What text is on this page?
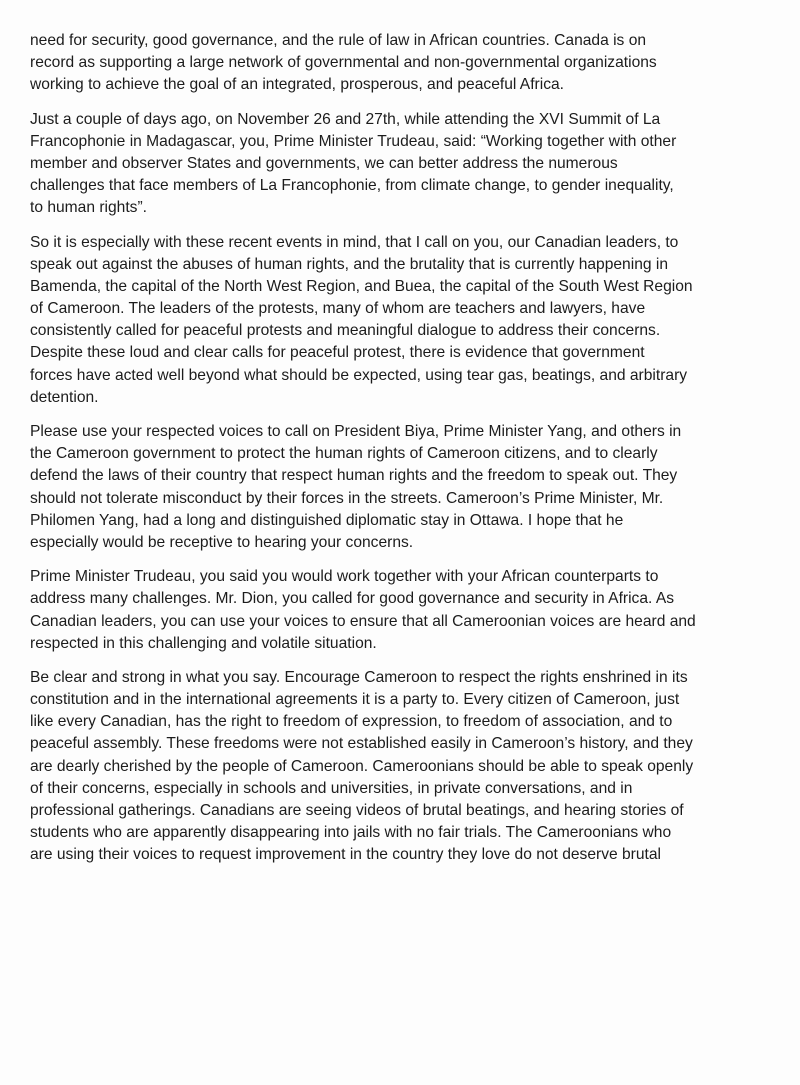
need for security, good governance, and the rule of law in African countries. Canada is on
record as supporting a large network of governmental and non-governmental organizations
working to achieve the goal of an integrated, prosperous, and peaceful Africa.

Just a couple of days ago, on November 26 and 27th, while attending the XVI Summit of La
Francophonie in Madagascar, you, Prime Minister Trudeau, said: “Working together with other
member and observer States and governments, we can better address the numerous
challenges that face members of La Francophonie, from climate change, to gender inequality,
to human rights”.

So it is especially with these recent events in mind, that I call on you, our Canadian leaders, to
speak out against the abuses of human rights, and the brutality that is currently happening in
Bamenda, the capital of the North West Region, and Buea, the capital of the South West Region
of Cameroon. The leaders of the protests, many of whom are teachers and lawyers, have
consistently called for peaceful protests and meaningful dialogue to address their concerns.
Despite these loud and clear calls for peaceful protest, there is evidence that government
forces have acted well beyond what should be expected, using tear gas, beatings, and arbitrary
detention.

Please use your respected voices to call on President Biya, Prime Minister Yang, and others in
the Cameroon government to protect the human rights of Cameroon citizens, and to clearly
defend the laws of their country that respect human rights and the freedom to speak out. They
should not tolerate misconduct by their forces in the streets. Cameroon’s Prime Minister, Mr.
Philomen Yang, had a long and distinguished diplomatic stay in Ottawa. I hope that he
especially would be receptive to hearing your concerns.

Prime Minister Trudeau, you said you would work together with your African counterparts to
address many challenges. Mr. Dion, you called for good governance and security in Africa. As
Canadian leaders, you can use your voices to ensure that all Cameroonian voices are heard and
respected in this challenging and volatile situation.

Be clear and strong in what you say. Encourage Cameroon to respect the rights enshrined in its
constitution and in the international agreements it is a party to. Every citizen of Cameroon, just
like every Canadian, has the right to freedom of expression, to freedom of association, and to
peaceful assembly. These freedoms were not established easily in Cameroon’s history, and they
are dearly cherished by the people of Cameroon. Cameroonians should be able to speak openly
of their concerns, especially in schools and universities, in private conversations, and in
professional gatherings. Canadians are seeing videos of brutal beatings, and hearing stories of
students who are apparently disappearing into jails with no fair trials. The Cameroonians who
are using their voices to request improvement in the country they love do not deserve brutal
